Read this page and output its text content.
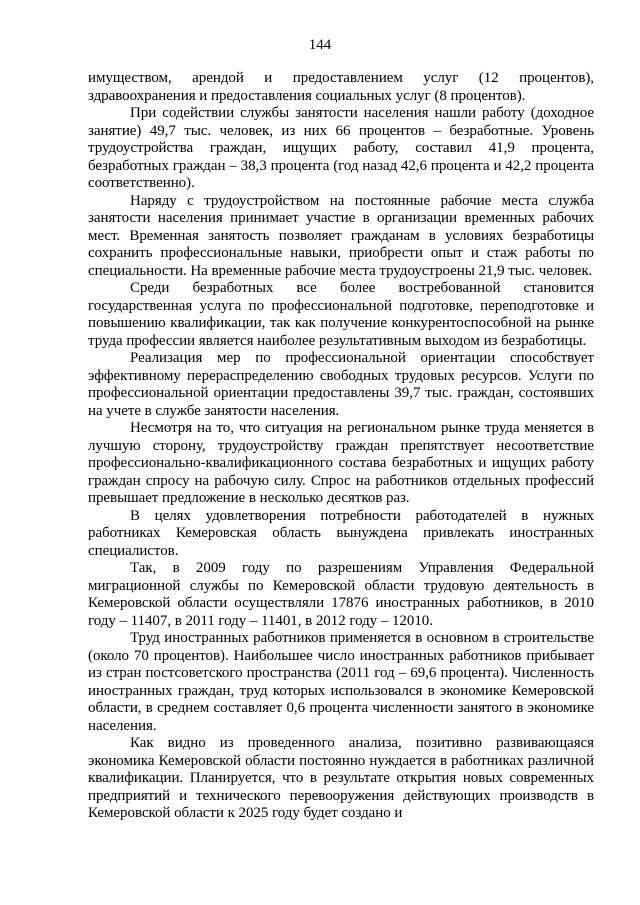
144

имуществом, арендой и предоставлением услуг (12 процентов), здравоохранения и предоставления социальных услуг (8 процентов).

При содействии службы занятости населения нашли работу (доходное занятие) 49,7 тыс. человек, из них 66 процентов – безработные. Уровень трудоустройства граждан, ищущих работу, составил 41,9 процента, безработных граждан – 38,3 процента (год назад 42,6 процента и 42,2 процента соответственно).

Наряду с трудоустройством на постоянные рабочие места служба занятости населения принимает участие в организации временных рабочих мест. Временная занятость позволяет гражданам в условиях безработицы сохранить профессиональные навыки, приобрести опыт и стаж работы по специальности. На временные рабочие места трудоустроены 21,9 тыс. человек.

Среди безработных все более востребованной становится государственная услуга по профессиональной подготовке, переподготовке и повышению квалификации, так как получение конкурентоспособной на рынке труда профессии является наиболее результативным выходом из безработицы.

Реализация мер по профессиональной ориентации способствует эффективному перераспределению свободных трудовых ресурсов. Услуги по профессиональной ориентации предоставлены 39,7 тыс. граждан, состоявших на учете в службе занятости населения.

Несмотря на то, что ситуация на региональном рынке труда меняется в лучшую сторону, трудоустройству граждан препятствует несоответствие профессионально-квалификационного состава безработных и ищущих работу граждан спросу на рабочую силу. Спрос на работников отдельных профессий превышает предложение в несколько десятков раз.

В целях удовлетворения потребности работодателей в нужных работниках Кемеровская область вынуждена привлекать иностранных специалистов.

Так, в 2009 году по разрешениям Управления Федеральной миграционной службы по Кемеровской области трудовую деятельность в Кемеровской области осуществляли 17876 иностранных работников, в 2010 году – 11407, в 2011 году – 11401, в 2012 году – 12010.

Труд иностранных работников применяется в основном в строительстве (около 70 процентов). Наибольшее число иностранных работников прибывает из стран постсоветского пространства (2011 год – 69,6 процента). Численность иностранных граждан, труд которых использовался в экономике Кемеровской области, в среднем составляет 0,6 процента численности занятого в экономике населения.

Как видно из проведенного анализа, позитивно развивающаяся экономика Кемеровской области постоянно нуждается в работниках различной квалификации. Планируется, что в результате открытия новых современных предприятий и технического перевооружения действующих производств в Кемеровской области к 2025 году будет создано и
